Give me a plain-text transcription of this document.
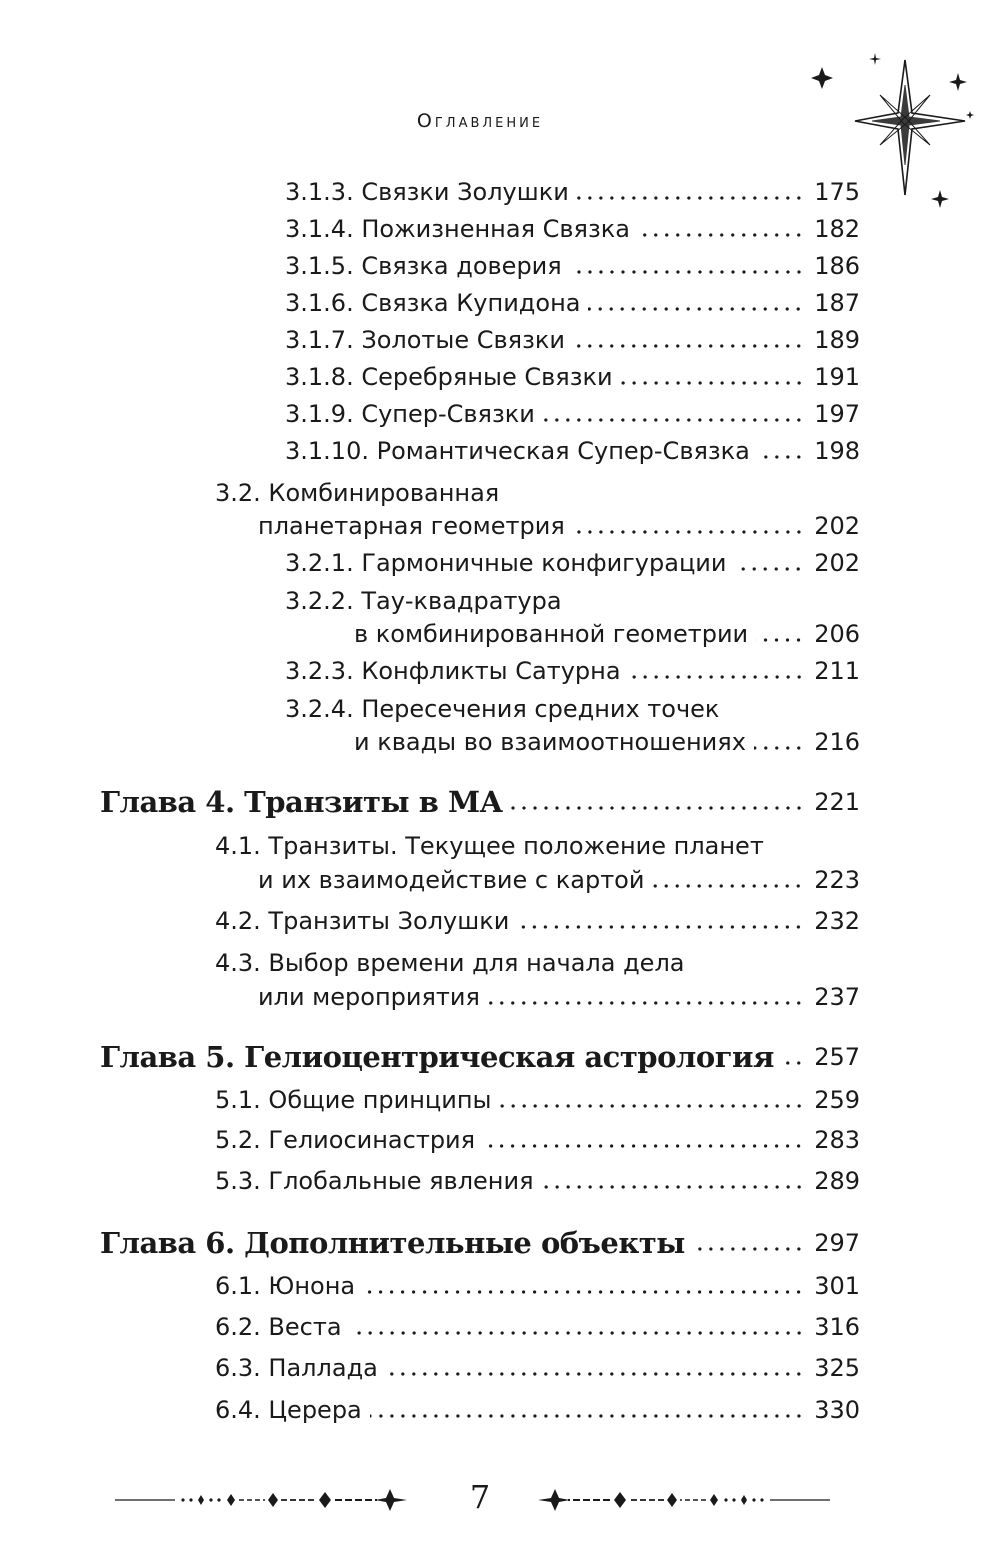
Оглавление
3.1.3. Связки Золушки	175
3.1.4. Пожизненная Связка	182
3.1.5. Связка доверия	186
3.1.6. Связка Купидона	187
3.1.7. Золотые Связки	189
3.1.8. Серебряные Связки	191
3.1.9. Супер-Связки	197
3.1.10. Романтическая Супер-Связка	198
3.2. Комбинированная
планетарная геометрия	202
3.2.1. Гармоничные конфигурации	202
3.2.2. Тау-квадратура
в комбинированной геометрии	206
3.2.3. Конфликты Сатурна	211
3.2.4. Пересечения средних точек
и квады во взаимоотношениях	216
Глава 4. Транзиты в МА	221
4.1. Транзиты. Текущее положение планет
и их взаимодействие с картой	223
4.2. Транзиты Золушки	232
4.3. Выбор времени для начала дела
или мероприятия	237
Глава 5. Гелиоцентрическая астрология 257
5.1. Общие принципы	259
5.2. Гелиосинастрия	283
5.3. Глобальные явления	289
Глава 6. Дополнительные объекты	297
6.1. Юнона	301
6.2. Веста	316
6.3. Паллада	325
6.4. Церера	330
7
